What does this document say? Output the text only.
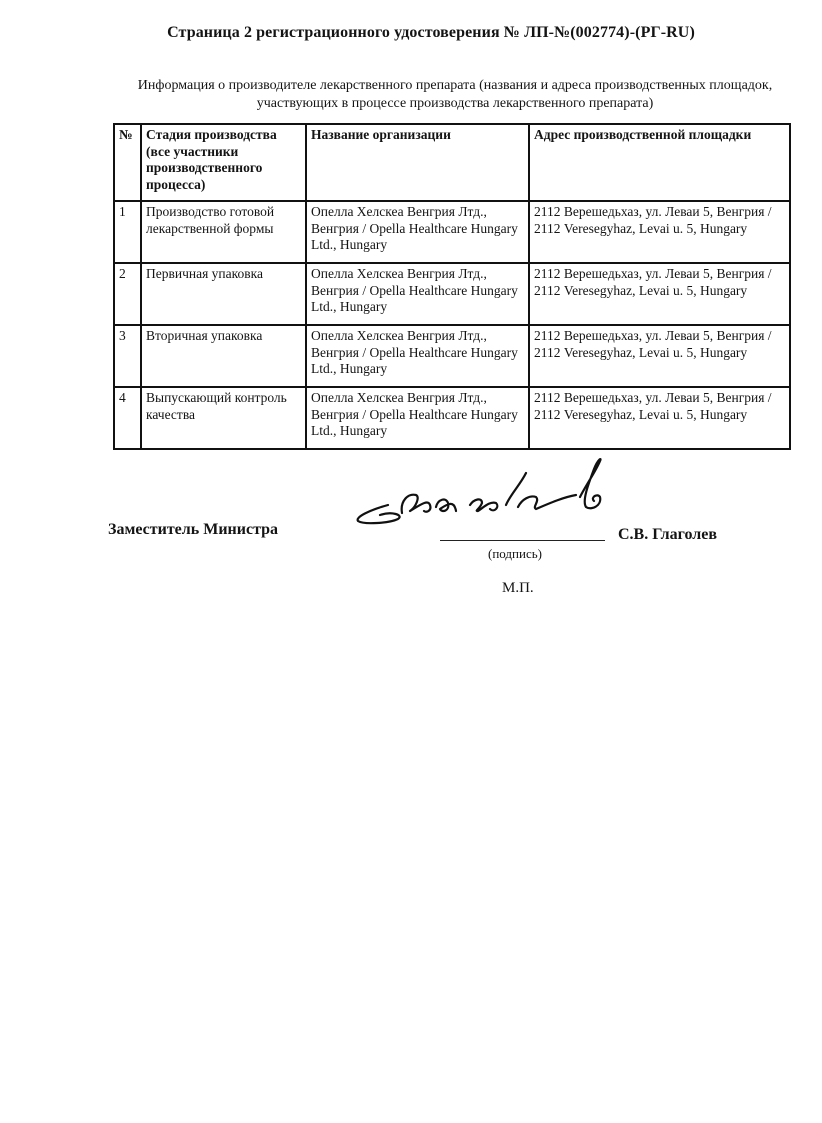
Страница 2 регистрационного удостоверения № ЛП-№(002774)-(РГ-RU)
Информация о производителе лекарственного препарата (названия и адреса производственных площадок,
участвующих в процессе производства лекарственного препарата)
№	Стадия производства (все участники производственного процесса)	Название организации	Адрес производственной площадки
1	Производство готовой лекарственной формы	Опелла Хелскеа Венгрия Лтд., Венгрия / Opella Healthcare Hungary Ltd., Hungary	2112 Верешедьхаз, ул. Леваи 5, Венгрия / 2112 Veresegyhaz, Levai u. 5, Hungary
2	Первичная упаковка	Опелла Хелскеа Венгрия Лтд., Венгрия / Opella Healthcare Hungary Ltd., Hungary	2112 Верешедьхаз, ул. Леваи 5, Венгрия / 2112 Veresegyhaz, Levai u. 5, Hungary
3	Вторичная упаковка	Опелла Хелскеа Венгрия Лтд., Венгрия / Opella Healthcare Hungary Ltd., Hungary	2112 Верешедьхаз, ул. Леваи 5, Венгрия / 2112 Veresegyhaz, Levai u. 5, Hungary
4	Выпускающий контроль качества	Опелла Хелскеа Венгрия Лтд., Венгрия / Opella Healthcare Hungary Ltd., Hungary	2112 Верешедьхаз, ул. Леваи 5, Венгрия / 2112 Veresegyhaz, Levai u. 5, Hungary
Заместитель Министра	С.В. Глаголев
(подпись)
М.П.
